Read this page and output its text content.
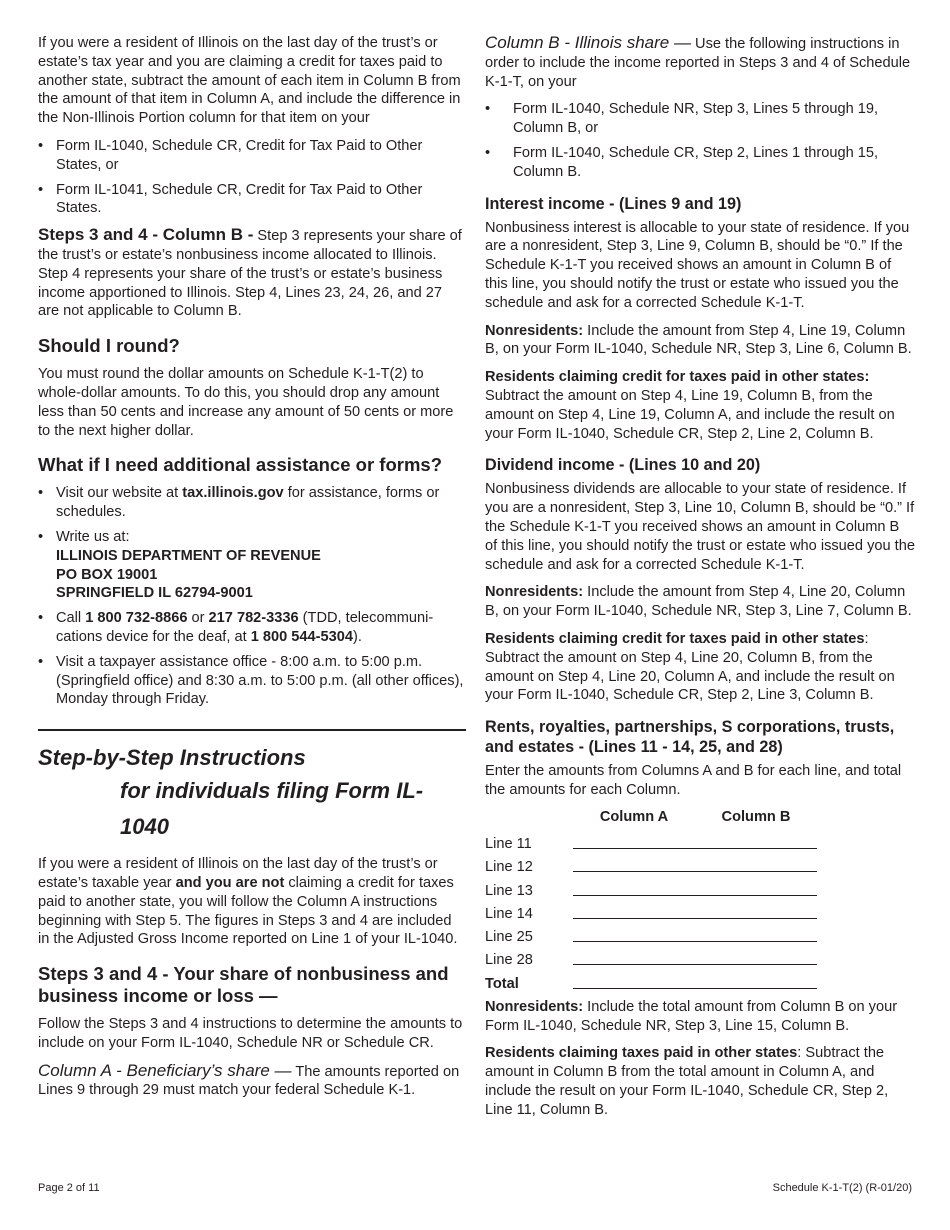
If you were a resident of Illinois on the last day of the trust’s or estate’s tax year and you are claiming a credit for taxes paid to another state, subtract the amount of each item in Column B from the amount of that item in Column A, and include the difference in the Non-Illinois Portion column for that item on your

• Form IL-1040, Schedule CR, Credit for Tax Paid to Other States, or
• Form IL-1041, Schedule CR, Credit for Tax Paid to Other States.

Steps 3 and 4 - Column B - Step 3 represents your share of the trust’s or estate’s nonbusiness income allocated to Illinois. Step 4 represents your share of the trust’s or estate’s business income apportioned to Illinois. Step 4, Lines 23, 24, 26, and 27 are not applicable to Column B.

Should I round?

You must round the dollar amounts on Schedule K-1-T(2) to whole-dollar amounts. To do this, you should drop any amount less than 50 cents and increase any amount of 50 cents or more to the next higher dollar.

What if I need additional assistance or forms?
• Visit our website at tax.illinois.gov for assistance, forms or schedules.
• Write us at:
ILLINOIS DEPARTMENT OF REVENUE
PO BOX 19001
SPRINGFIELD IL 62794-9001
• Call 1 800 732-8866 or 217 782-3336 (TDD, telecommuni-cations device for the deaf, at 1 800 544-5304).
• Visit a taxpayer assistance office - 8:00 a.m. to 5:00 p.m. (Springfield office) and 8:30 a.m. to 5:00 p.m. (all other offices), Monday through Friday.
Step-by-Step Instructions
for individuals filing Form IL-1040

If you were a resident of Illinois on the last day of the trust’s or estate’s taxable year and you are not claiming a credit for taxes paid to another state, you will follow the Column A instructions beginning with Step 5. The figures in Steps 3 and 4 are included in the Adjusted Gross Income reported on Line 1 of your IL-1040.

Steps 3 and 4 - Your share of nonbusiness and business income or loss —

Follow the Steps 3 and 4 instructions to determine the amounts to include on your Form IL-1040, Schedule NR or Schedule CR.

Column A - Beneficiary’s share — The amounts reported on Lines 9 through 29 must match your federal Schedule K-1.

Column B - Illinois share — Use the following instructions in order to include the income reported in Steps 3 and 4 of Schedule K-1-T, on your

• Form IL-1040, Schedule NR, Step 3, Lines 5 through 19, Column B, or
• Form IL-1040, Schedule CR, Step 2, Lines 1 through 15, Column B.
Interest income - (Lines 9 and 19)

Nonbusiness interest is allocable to your state of residence. If you are a nonresident, Step 3, Line 9, Column B, should be “0.” If the Schedule K-1-T you received shows an amount in Column B of this line, you should notify the trust or estate who issued you the schedule and ask for a corrected Schedule K-1-T.

Nonresidents: Include the amount from Step 4, Line 19, Column B, on your Form IL-1040, Schedule NR, Step 3, Line 6, Column B.

Residents claiming credit for taxes paid in other states: Subtract the amount on Step 4, Line 19, Column B, from the amount on Step 4, Line 19, Column A, and include the result on your Form IL-1040, Schedule CR, Step 2, Line 2, Column B.

Dividend income - (Lines 10 and 20)

Nonbusiness dividends are allocable to your state of residence. If you are a nonresident, Step 3, Line 10, Column B, should be “0.” If the Schedule K-1-T you received shows an amount in Column B of this line, you should notify the trust or estate who issued you the schedule and ask for a corrected Schedule K-1-T.

Nonresidents: Include the amount from Step 4, Line 20, Column B, on your Form IL-1040, Schedule NR, Step 3, Line 7, Column B.

Residents claiming credit for taxes paid in other states: Subtract the amount on Step 4, Line 20, Column B, from the amount on Step 4, Line 20, Column A, and include the result on your Form IL-1040, Schedule CR, Step 2, Line 3, Column B.

Rents, royalties, partnerships, S corporations, trusts, and estates - (Lines 11 - 14, 25, and 28)

Enter the amounts from Columns A and B for each line, and total the amounts for each Column.

	Column A	Column B
Line 11	

Line 12	

Line 13	

Line 14	

Line 25	

Line 28	

Total	

Nonresidents: Include the total amount from Column B on your Form IL-1040, Schedule NR, Step 3, Line 15, Column B.

Residents claiming taxes paid in other states: Subtract the amount in Column B from the total amount in Column A, and include the result on your Form IL-1040, Schedule CR, Step 2, Line 11, Column B.

Page 2 of 11	Schedule K-1-T(2) (R-01/20)
